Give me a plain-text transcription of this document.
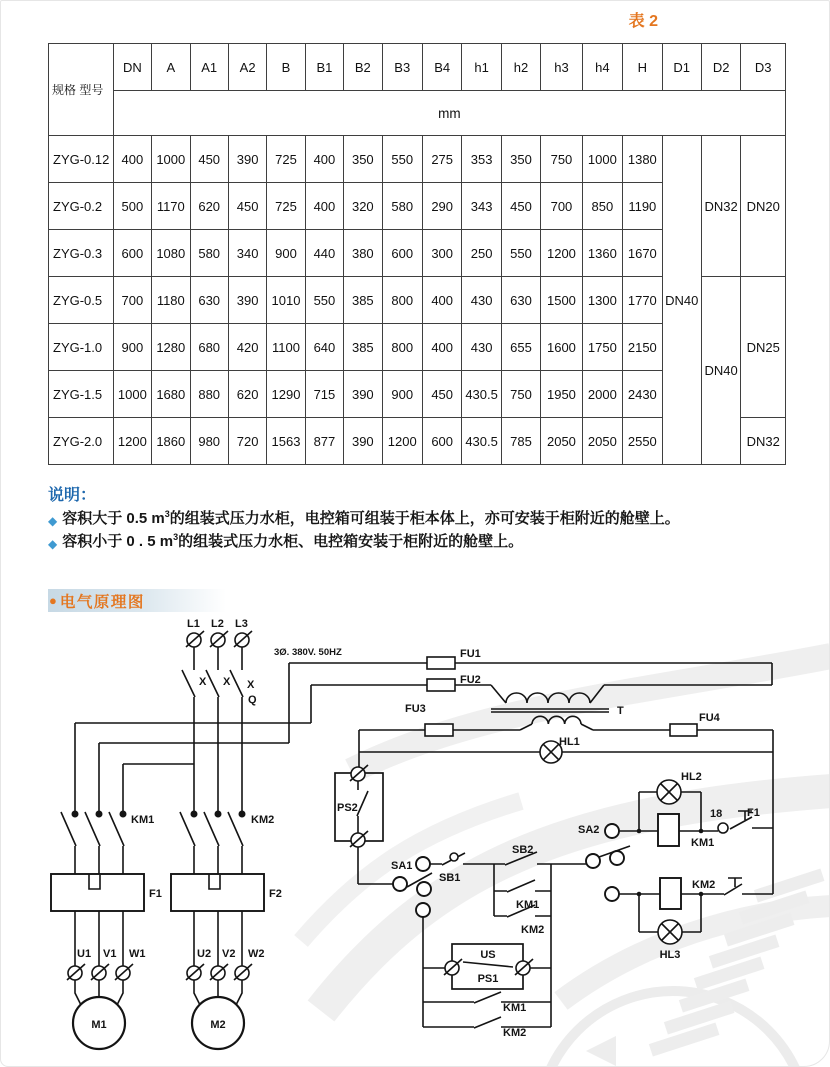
表 2
规格 型号	DN	A	A1	A2	B	B1	B2	B3	B4	h1	h2	h3	h4	H	D1	D2	D3
	mm																
ZYG-0.12	400	1000	450	390	725	400	350	550	275	353	350	750	1000	1380	DN40	DN32	DN20
ZYG-0.2	500	1170	620	450	725	400	320	580	290	343	450	700	850	1190			
ZYG-0.3	600	1080	580	340	900	440	380	600	300	250	550	1200	1360	1670			
ZYG-0.5	700	1180	630	390	1010	550	385	800	400	430	630	1500	1300	1770		DN40	DN25
ZYG-1.0	900	1280	680	420	1100	640	385	800	400	430	655	1600	1750	2150			
ZYG-1.5	1000	1680	880	620	1290	715	390	900	450	430.5	750	1950	2000	2430			
ZYG-2.0	1200	1860	980	720	1563	877	390	1200	600	430.5	785	2050	2050	2550			DN32
说明：
◆ 容积大于 0.5 $m^3$的组装式压力水柜，电控箱可组装于柜本体上，亦可安装于柜附近的舱壁上。
◆ 容积小于 0 . 5 $m^3$的组装式压力水柜、电控箱安装于柜附近的舱壁上。
● 电气原理图
L1 L2 L3
3Ø. 380V. 50HZ
X X X
Q
KM1	KM2
F1	F2
U1 V1 W1	U2 V2 W2
M1	M2
FU1
FU2
FU3
FU4
T
HL1
HL2
HL3
PS2
SA1
SB1
SB2
KM1
KM2
SA2
KM1
KM2
18 F1
US
PS1
KM1
KM2
